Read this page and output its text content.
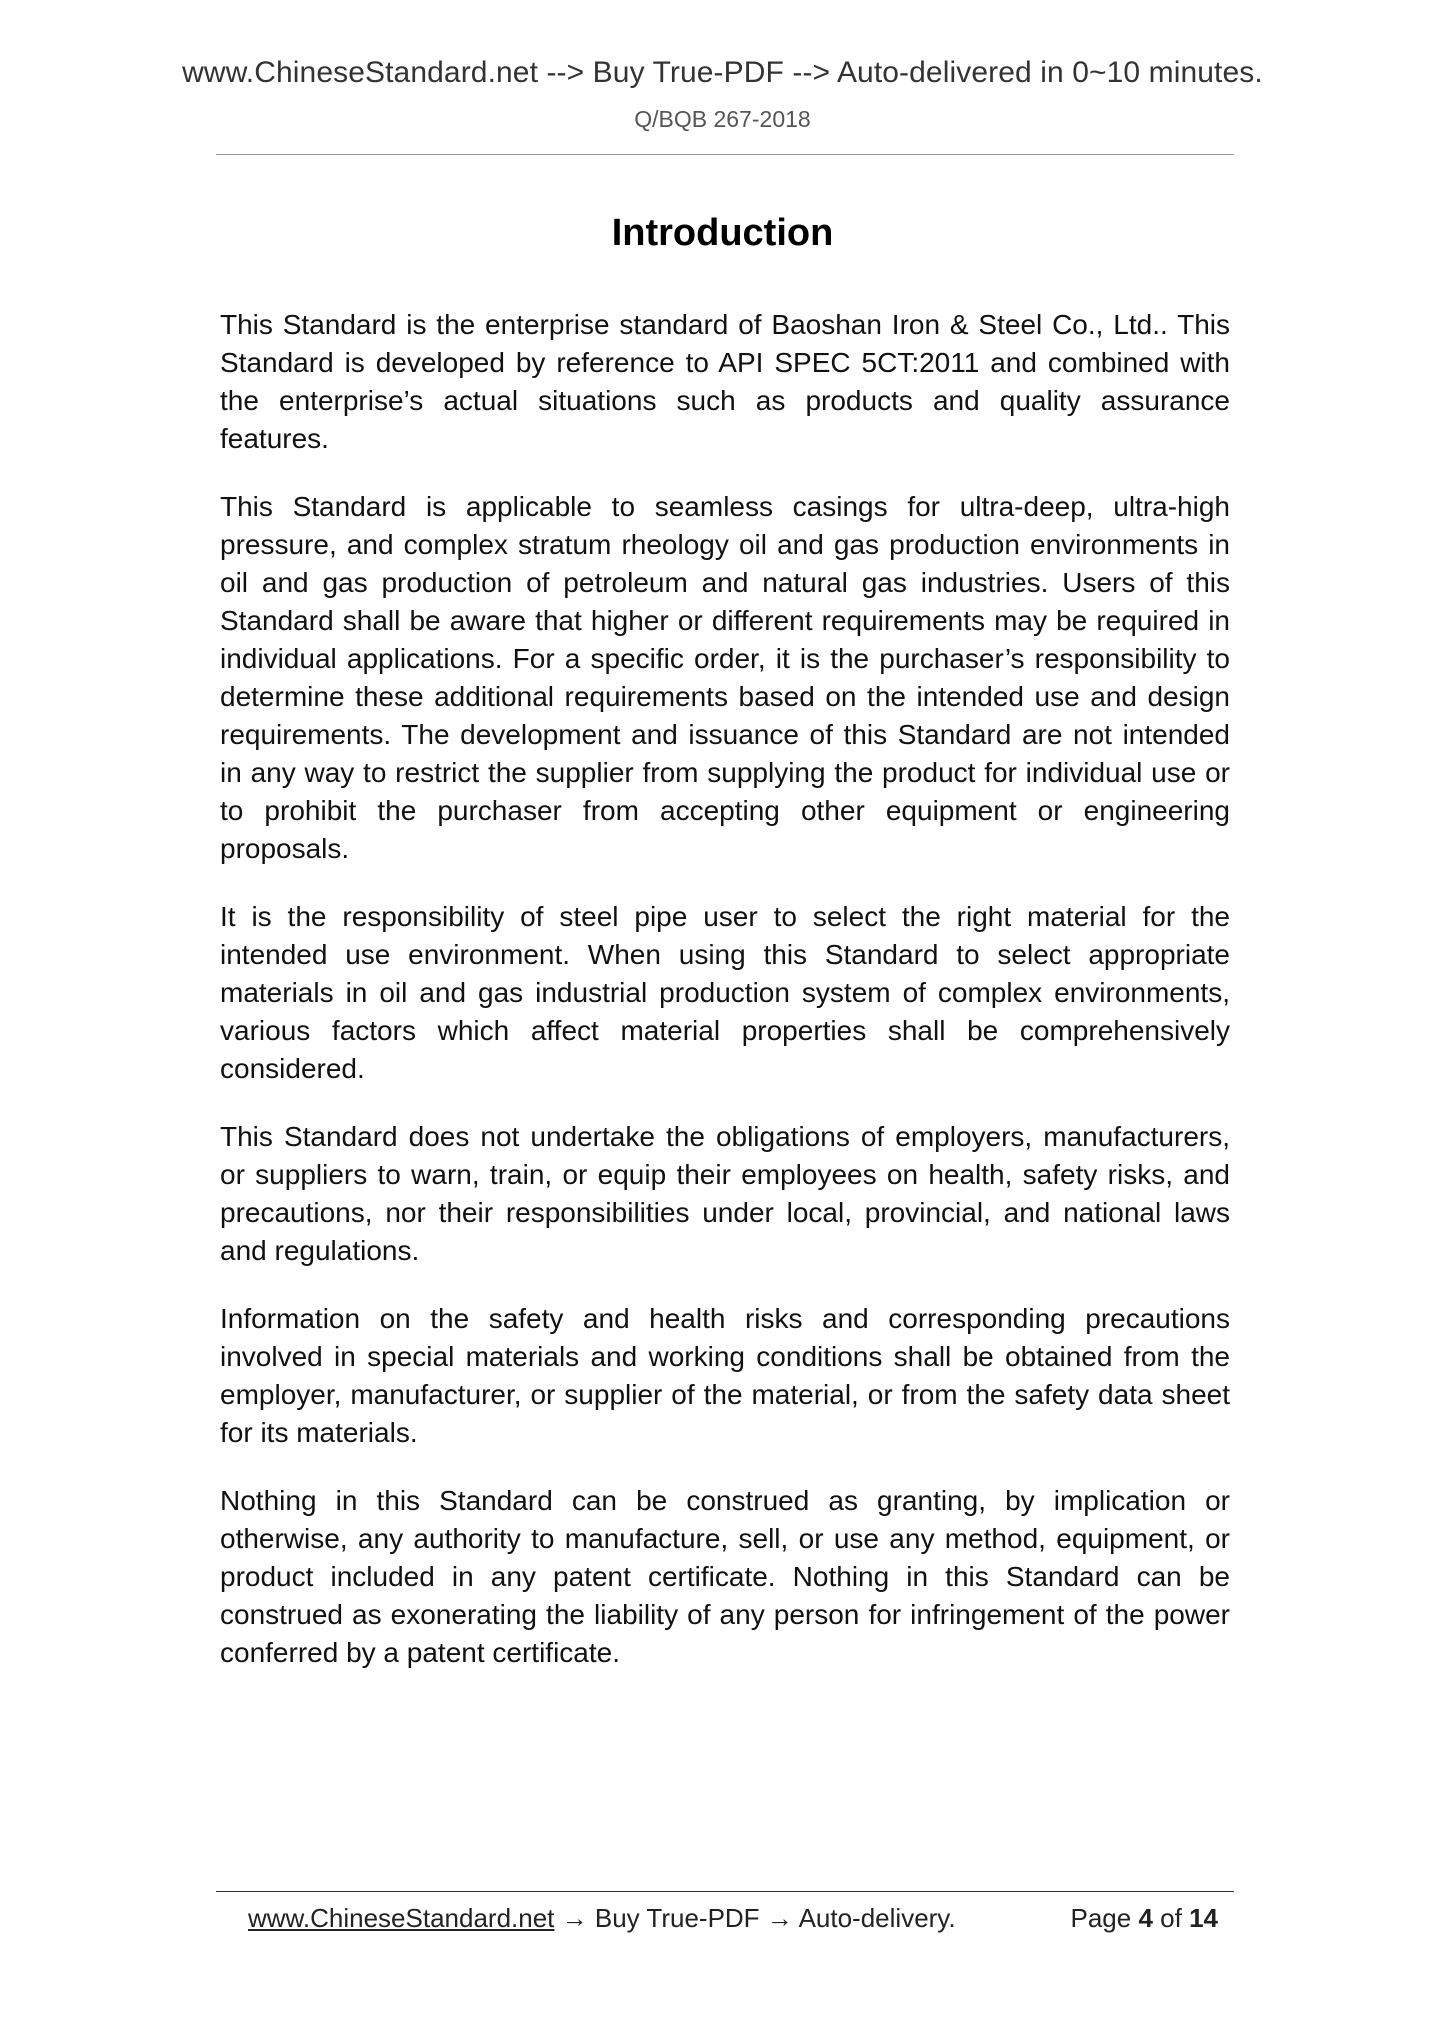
www.ChineseStandard.net --> Buy True-PDF --> Auto-delivered in 0~10 minutes.
Q/BQB 267-2018
Introduction

This Standard is the enterprise standard of Baoshan Iron & Steel Co., Ltd.. This Standard is developed by reference to API SPEC 5CT:2011 and combined with the enterprise’s actual situations such as products and quality assurance features.

This Standard is applicable to seamless casings for ultra-deep, ultra-high pressure, and complex stratum rheology oil and gas production environments in oil and gas production of petroleum and natural gas industries. Users of this Standard shall be aware that higher or different requirements may be required in individual applications. For a specific order, it is the purchaser’s responsibility to determine these additional requirements based on the intended use and design requirements. The development and issuance of this Standard are not intended in any way to restrict the supplier from supplying the product for individual use or to prohibit the purchaser from accepting other equipment or engineering proposals.

It is the responsibility of steel pipe user to select the right material for the intended use environment. When using this Standard to select appropriate materials in oil and gas industrial production system of complex environments, various factors which affect material properties shall be comprehensively considered.

This Standard does not undertake the obligations of employers, manufacturers, or suppliers to warn, train, or equip their employees on health, safety risks, and precautions, nor their responsibilities under local, provincial, and national laws and regulations.

Information on the safety and health risks and corresponding precautions involved in special materials and working conditions shall be obtained from the employer, manufacturer, or supplier of the material, or from the safety data sheet for its materials.

Nothing in this Standard can be construed as granting, by implication or otherwise, any authority to manufacture, sell, or use any method, equipment, or product included in any patent certificate. Nothing in this Standard can be construed as exonerating the liability of any person for infringement of the power conferred by a patent certificate.

www.ChineseStandard.net → Buy True-PDF → Auto-delivery.	Page 4 of 14
